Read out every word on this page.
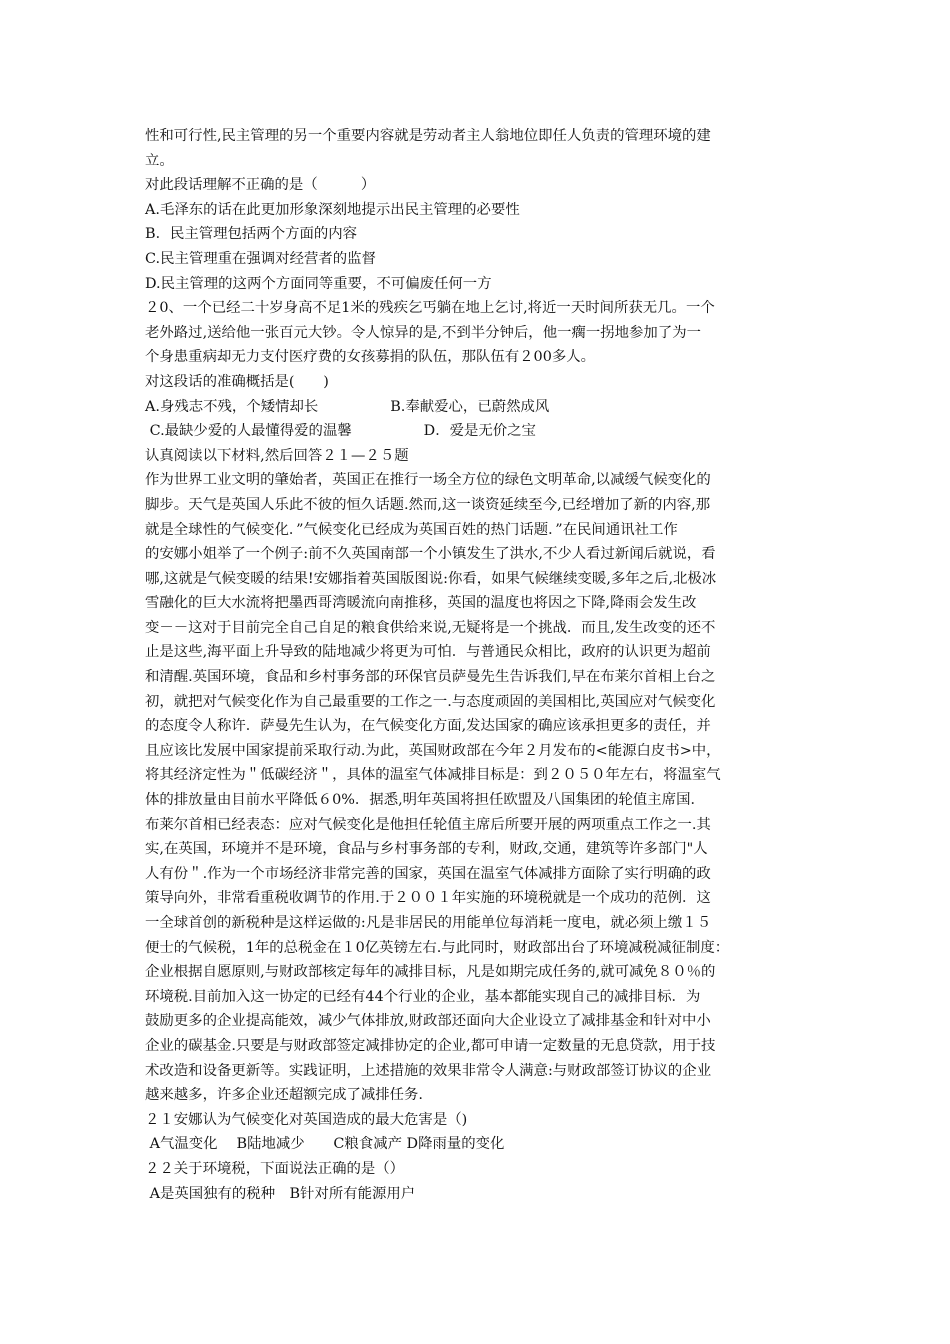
性和可行性,民主管理的另一个重要内容就是劳动者主人翁地位即任人负责的管理环境的建
立。
对此段话理解不正确的是（　　　）
A.毛泽东的话在此更加形象深刻地提示出民主管理的必要性
B．民主管理包括两个方面的内容
C.民主管理重在强调对经营者的监督
D.民主管理的这两个方面同等重要，不可偏废任何一方
２0、一个已经二十岁身高不足1米的残疾乞丐躺在地上乞讨,将近一天时间所获无几。一个
老外路过,送给他一张百元大钞。令人惊异的是,不到半分钟后，他一瘸一拐地参加了为一
个身患重病却无力支付医疗费的女孩募捐的队伍，那队伍有２00多人。
对这段话的准确概括是(　　)
A.身残志不残，个矮情却长　　　　　B.奉献爱心，已蔚然成风
C.最缺少爱的人最懂得爱的温馨　　　　　D．爱是无价之宝
认真阅读以下材料,然后回答２１—２５题
作为世界工业文明的肇始者，英国正在推行一场全方位的绿色文明革命,以减缓气候变化的
脚步。天气是英国人乐此不彼的恒久话题.然而,这一谈资延续至今,已经增加了新的内容,那
就是全球性的气候变化．”气候变化已经成为英国百姓的热门话题．”在民间通讯社工作
的安娜小姐举了一个例子:前不久英国南部一个小镇发生了洪水,不少人看过新闻后就说，看
哪,这就是气候变暖的结果!安娜指着英国版图说:你看，如果气候继续变暖,多年之后,北极冰
雪融化的巨大水流将把墨西哥湾暖流向南推移，英国的温度也将因之下降,降雨会发生改
变－－这对于目前完全自己自足的粮食供给来说,无疑将是一个挑战．而且,发生改变的还不
止是这些,海平面上升导致的陆地减少将更为可怕．与普通民众相比，政府的认识更为超前
和清醒.英国环境，食品和乡村事务部的环保官员萨曼先生告诉我们,早在布莱尔首相上台之
初，就把对气候变化作为自己最重要的工作之一.与态度顽固的美国相比,英国应对气候变化
的态度令人称许．萨曼先生认为，在气候变化方面,发达国家的确应该承担更多的责任，并
且应该比发展中国家提前采取行动.为此，英国财政部在今年２月发布的<能源白皮书>中，
将其经济定性为＂低碳经济＂，具体的温室气体减排目标是：到２０５０年左右，将温室气
体的排放量由目前水平降低６0%．据悉,明年英国将担任欧盟及八国集团的轮值主席国．
布莱尔首相已经表态：应对气候变化是他担任轮值主席后所要开展的两项重点工作之一.其
实,在英国，环境并不是环境，食品与乡村事务部的专利，财政,交通，建筑等许多部门"人
人有份＂.作为一个市场经济非常完善的国家，英国在温室气体减排方面除了实行明确的政
策导向外，非常看重税收调节的作用.于２００１年实施的环境税就是一个成功的范例．这
一全球首创的新税种是这样运做的:凡是非居民的用能单位每消耗一度电，就必须上缴１５
便士的气候税，1年的总税金在１0亿英镑左右.与此同时，财政部出台了环境减税减征制度：
企业根据自愿原则,与财政部核定每年的减排目标，凡是如期完成任务的,就可减免８０％的
环境税.目前加入这一协定的已经有44个行业的企业，基本都能实现自己的减排目标．为
鼓励更多的企业提高能效，减少气体排放,财政部还面向大企业设立了减排基金和针对中小
企业的碳基金.只要是与财政部签定减排协定的企业,都可申请一定数量的无息贷款，用于技
术改造和设备更新等。实践证明，上述措施的效果非常令人满意:与财政部签订协议的企业
越来越多，许多企业还超额完成了减排任务.
２１安娜认为气候变化对英国造成的最大危害是（)
A气温变化　 B陆地减少　　C粮食减产 D降雨量的变化
２２关于环境税，下面说法正确的是（）
A是英国独有的税种　B针对所有能源用户
